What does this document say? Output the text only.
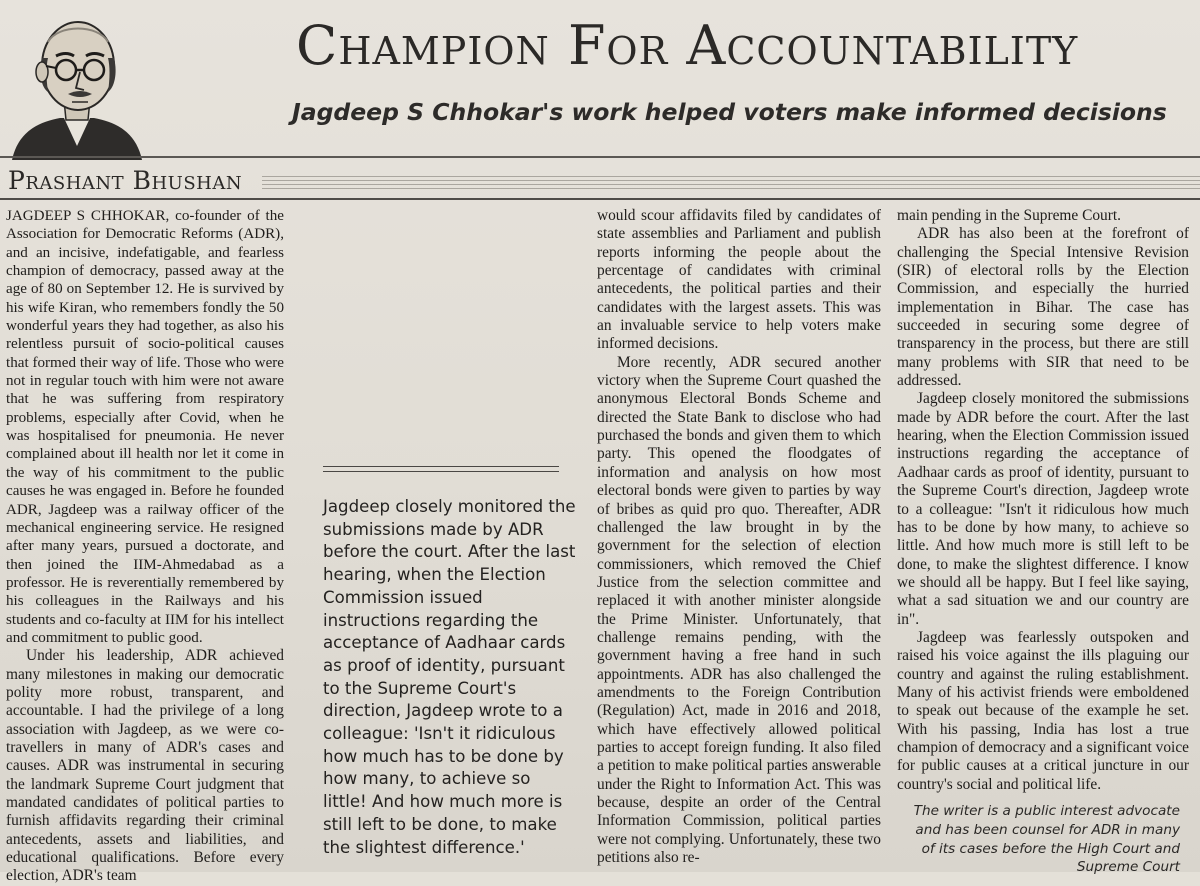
Champion For Accountability
Jagdeep S Chhokar's work helped voters make informed decisions
Prashant Bhushan

JAGDEEP S CHHOKAR, co-founder of the Association for Democratic Reforms (ADR), and an incisive, indefatigable, and fearless champion of democracy, passed away at the age of 80 on September 12. He is survived by his wife Kiran, who remembers fondly the 50 wonderful years they had together, as also his relentless pursuit of socio-political causes that formed their way of life. Those who were not in regular touch with him were not aware that he was suffering from respiratory problems, especially after Covid, when he was hospitalised for pneumonia. He never complained about ill health nor let it come in the way of his commitment to the public causes he was engaged in. Before he founded ADR, Jagdeep was a railway officer of the mechanical engineering service. He resigned after many years, pursued a doctorate, and then joined the IIM-Ahmedabad as a professor. He is reverentially remembered by his colleagues in the Railways and his students and co-faculty at IIM for his intellect and commitment to public good.

Under his leadership, ADR achieved many milestones in making our democratic polity more robust, transparent, and accountable. I had the privilege of a long association with Jagdeep, as we were co-travellers in many of ADR's cases and causes. ADR was instrumental in securing the landmark Supreme Court judgment that mandated candidates of political parties to furnish affidavits regarding their criminal antecedents, assets and liabilities, and educational qualifications. Before every election, ADR's team

would scour affidavits filed by candidates of state assemblies and Parliament and publish reports informing the people about the percentage of candidates with criminal antecedents, the political parties and their candidates with the largest assets. This was an invaluable service to help voters make informed decisions.

More recently, ADR secured another victory when the Supreme Court quashed the anonymous Electoral Bonds Scheme and directed the State Bank to disclose who had purchased the bonds and given them to which party. This opened the floodgates of information and analysis on how most electoral bonds were given to parties by way of bribes as quid pro quo. Thereafter, ADR challenged the law brought in by the government for the selection of election commissioners, which removed the Chief Justice from the selection committee and replaced it with another minister alongside the Prime Minister. Unfortunately, that challenge remains pending, with the government having a free hand in such appointments. ADR has also challenged the amendments to the Foreign Contribution (Regulation) Act, made in 2016 and 2018, which have effectively allowed political parties to accept foreign funding. It also filed a petition to make political parties answerable under the Right to Information Act. This was because, despite an order of the Central Information Commission, political parties were not complying. Unfortunately, these two petitions also re-

main pending in the Supreme Court.

ADR has also been at the forefront of challenging the Special Intensive Revision (SIR) of electoral rolls by the Election Commission, and especially the hurried implementation in Bihar. The case has succeeded in securing some degree of transparency in the process, but there are still many problems with SIR that need to be addressed.

Jagdeep closely monitored the submissions made by ADR before the court. After the last hearing, when the Election Commission issued instructions regarding the acceptance of Aadhaar cards as proof of identity, pursuant to the Supreme Court's direction, Jagdeep wrote to a colleague: "Isn't it ridiculous how much has to be done by how many, to achieve so little. And how much more is still left to be done, to make the slightest difference. I know we should all be happy. But I feel like saying, what a sad situation we and our country are in".

Jagdeep was fearlessly outspoken and raised his voice against the ills plaguing our country and against the ruling establishment. Many of his activist friends were emboldened to speak out because of the example he set. With his passing, India has lost a true champion of democracy and a significant voice for public causes at a critical juncture in our country's social and political life.

Jagdeep closely monitored the submissions made by ADR before the court. After the last hearing, when the Election Commission issued instructions regarding the acceptance of Aadhaar cards as proof of identity, pursuant to the Supreme Court's direction, Jagdeep wrote to a colleague: 'Isn't it ridiculous how much has to be done by how many, to achieve so little! And how much more is still left to be done, to make the slightest difference.'

The writer is a public interest advocate and has been counsel for ADR in many of its cases before the High Court and Supreme Court
